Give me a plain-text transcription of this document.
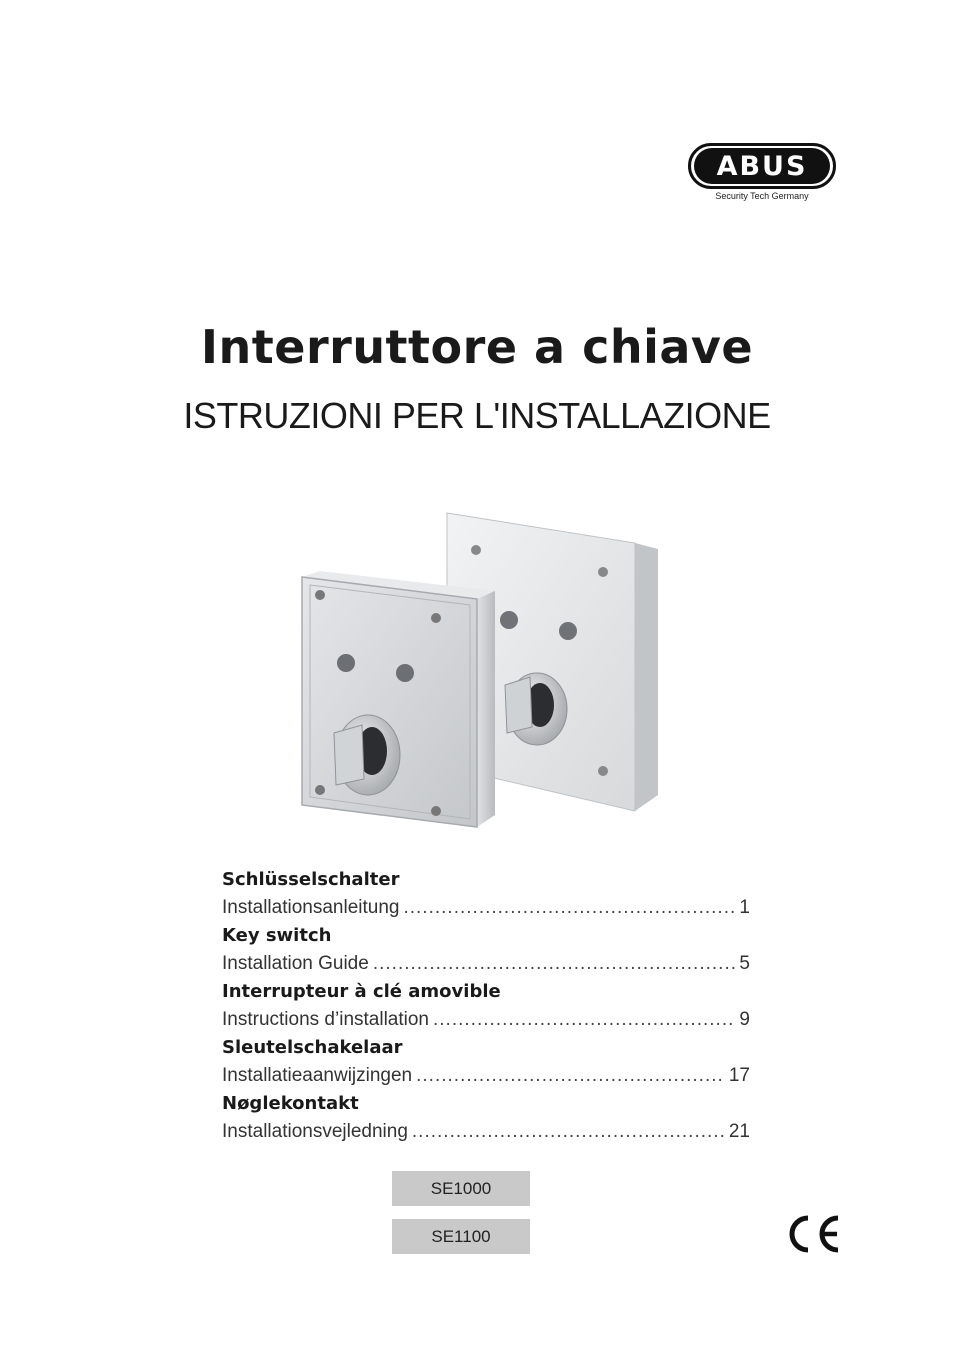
ABUS
Security Tech Germany
Interruttore a chiave
ISTRUZIONI PER L'INSTALLAZIONE
Schlüsselschalter
Installationsanleitung .....	1
Key switch
Installation Guide .....	5
Interrupteur à clé amovible
Instructions d’installation .....	9
Sleutelschakelaar
Installatieaanwijzingen .....	17
Nøglekontakt
Installationsvejledning .....	21
SE1000
SE1100
